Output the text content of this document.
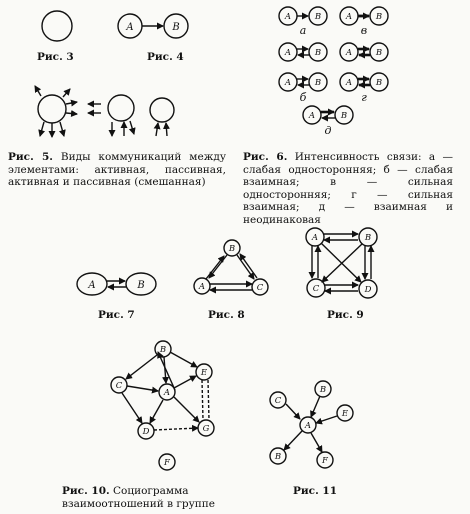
A	B
A	B	A	B
A	B	A	B
A	B	A	B
A	B
а	в
б	г
д
A	B
B
A	C
A	B
C	D
B
C
A
E
D	G
F
C
B
E
A
B	F
Рис. 3	Рис. 4
Рис. 5. Виды коммуникаций между элементами: активная, пассивная, активная и пассивная (смешанная)
Рис. 6. Интенсивность связи: а — слабая односторонняя; б — слабая взаимная; в — сильная односторонняя; г — сильная взаимная; д — взаимная и неодинаковая
Рис. 7	Рис. 8	Рис. 9
Рис. 10. Социограмма взаимоотношений в группе
Рис. 11
